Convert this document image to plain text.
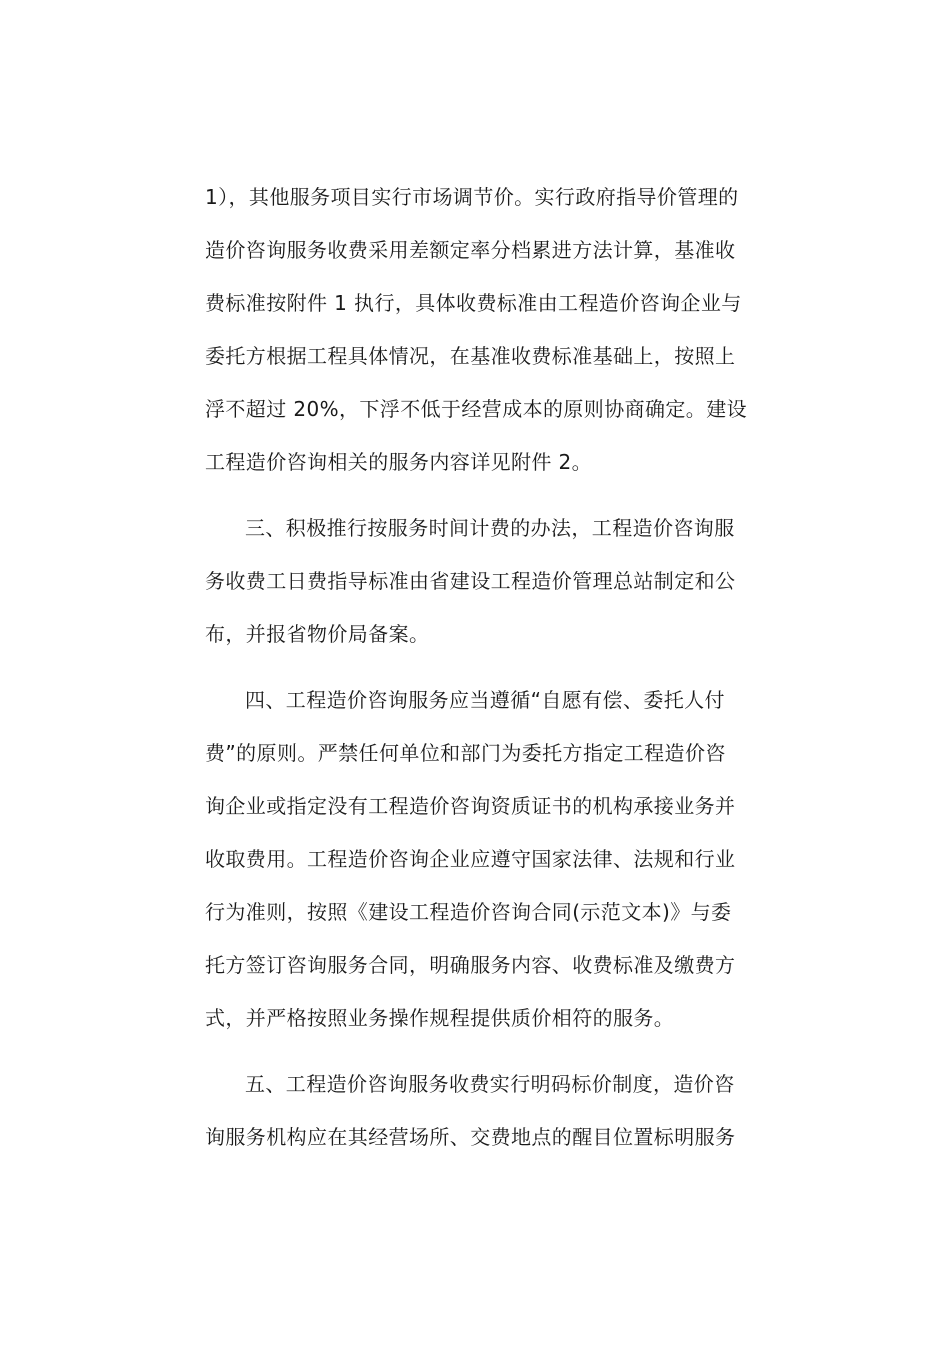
1），其他服务项目实行市场调节价。实行政府指导价管理的
造价咨询服务收费采用差额定率分档累进方法计算，基准收
费标准按附件 1 执行，具体收费标准由工程造价咨询企业与
委托方根据工程具体情况，在基准收费标准基础上，按照上
浮不超过 20%，下浮不低于经营成本的原则协商确定。建设
工程造价咨询相关的服务内容详见附件 2。
三、积极推行按服务时间计费的办法，工程造价咨询服
务收费工日费指导标准由省建设工程造价管理总站制定和公
布，并报省物价局备案。
四、工程造价咨询服务应当遵循“自愿有偿、委托人付
费”的原则。严禁任何单位和部门为委托方指定工程造价咨
询企业或指定没有工程造价咨询资质证书的机构承接业务并
收取费用。工程造价咨询企业应遵守国家法律、法规和行业
行为准则，按照《建设工程造价咨询合同(示范文本)》与委
托方签订咨询服务合同，明确服务内容、收费标准及缴费方
式，并严格按照业务操作规程提供质价相符的服务。
五、工程造价咨询服务收费实行明码标价制度，造价咨
询服务机构应在其经营场所、交费地点的醒目位置标明服务
